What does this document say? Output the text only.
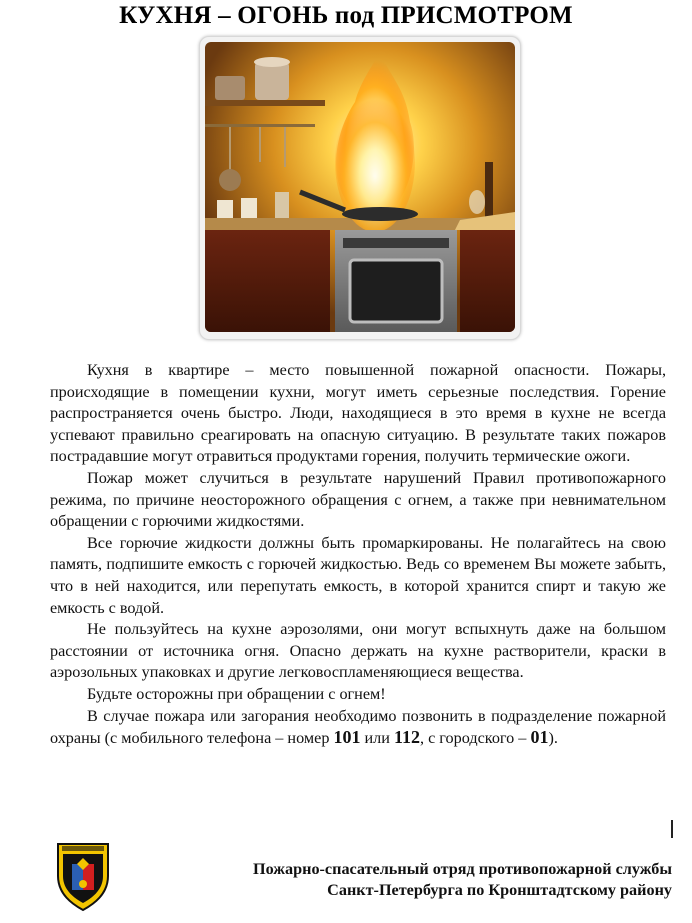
КУХНЯ – ОГОНЬ под ПРИСМОТРОМ

Кухня в квартире – место повышенной пожарной опасности. Пожары, происходящие в помещении кухни, могут иметь серьезные последствия. Горение распространяется очень быстро. Люди, находящиеся в это время в кухне не всегда успевают правильно среагировать на опасную ситуацию. В результате таких пожаров пострадавшие могут отравиться продуктами горения, получить термические ожоги.

Пожар может случиться в результате нарушений Правил противопожарного режима, по причине неосторожного обращения с огнем, а также при невнимательном обращении с горючими жидкостями.

Все горючие жидкости должны быть промаркированы. Не полагайтесь на свою память, подпишите емкость с горючей жидкостью. Ведь со временем Вы можете забыть, что в ней находится, или перепутать емкость, в которой хранится спирт и такую же емкость с водой.

Не пользуйтесь на кухне аэрозолями, они могут вспыхнуть даже на большом расстоянии от источника огня. Опасно держать на кухне растворители, краски в аэрозольных упаковках и другие легковоспламеняющиеся вещества.

Будьте осторожны при обращении с огнем!

В случае пожара или загорания необходимо позвонить в подразделение пожарной охраны (с мобильного телефона – номер 101 или 112, с городского – 01).

Пожарно-спасательный отряд противопожарной службы
Санкт-Петербурга по Кронштадтскому району
